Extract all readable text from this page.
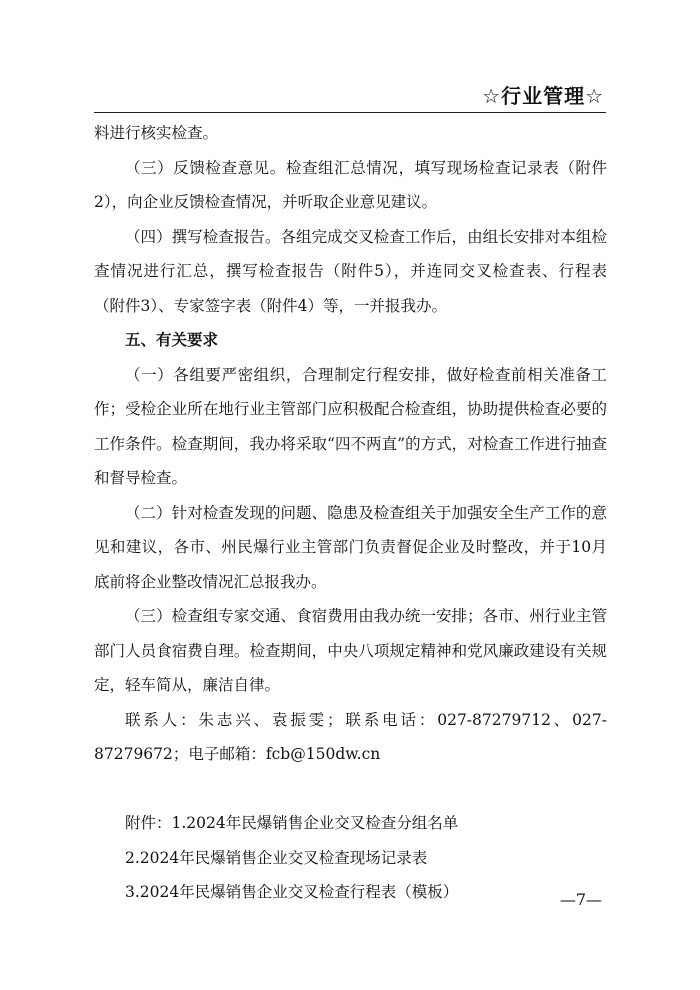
☆行业管理☆

料进行核实检查。

（三）反馈检查意见。检查组汇总情况，填写现场检查记录表（附件2），向企业反馈检查情况，并听取企业意见建议。

（四）撰写检查报告。各组完成交叉检查工作后，由组长安排对本组检查情况进行汇总，撰写检查报告（附件5），并连同交叉检查表、行程表（附件3）、专家签字表（附件4）等，一并报我办。

五、有关要求

（一）各组要严密组织，合理制定行程安排，做好检查前相关准备工作；受检企业所在地行业主管部门应积极配合检查组，协助提供检查必要的工作条件。检查期间，我办将采取“四不两直”的方式，对检查工作进行抽查和督导检查。

（二）针对检查发现的问题、隐患及检查组关于加强安全生产工作的意见和建议，各市、州民爆行业主管部门负责督促企业及时整改，并于10月底前将企业整改情况汇总报我办。

（三）检查组专家交通、食宿费用由我办统一安排；各市、州行业主管部门人员食宿费自理。检查期间，中央八项规定精神和党风廉政建设有关规定，轻车简从，廉洁自律。

联系人：朱志兴、袁振雯；联系电话：027-87279712、027-87279672；电子邮箱：fcb@150dw.cn

附件：1.2024年民爆销售企业交叉检查分组名单

2.2024年民爆销售企业交叉检查现场记录表

3.2024年民爆销售企业交叉检查行程表（模板）	—7—
